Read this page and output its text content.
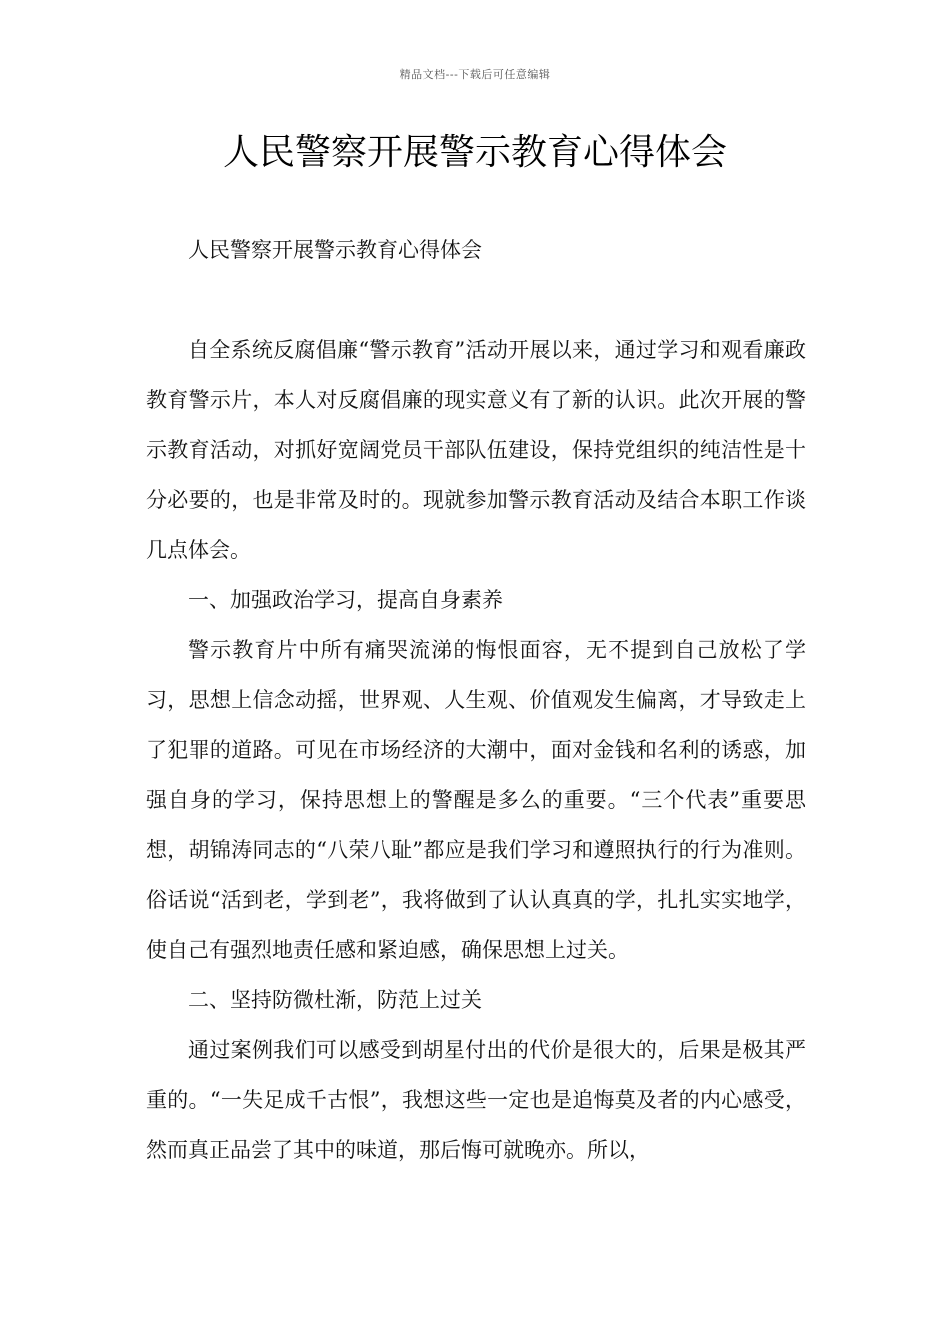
精品文档---下载后可任意编辑
人民警察开展警示教育心得体会

人民警察开展警示教育心得体会

自全系统反腐倡廉“警示教育”活动开展以来，通过学习和观看廉政教育警示片，本人对反腐倡廉的现实意义有了新的认识。此次开展的警示教育活动，对抓好宽阔党员干部队伍建设，保持党组织的纯洁性是十分必要的，也是非常及时的。现就参加警示教育活动及结合本职工作谈几点体会。

一、加强政治学习，提高自身素养

警示教育片中所有痛哭流涕的悔恨面容，无不提到自己放松了学习，思想上信念动摇，世界观、人生观、价值观发生偏离，才导致走上了犯罪的道路。可见在市场经济的大潮中，面对金钱和名利的诱惑，加强自身的学习，保持思想上的警醒是多么的重要。“三个代表”重要思想，胡锦涛同志的“八荣八耻”都应是我们学习和遵照执行的行为准则。俗话说“活到老，学到老”，我将做到了认认真真的学，扎扎实实地学，使自己有强烈地责任感和紧迫感，确保思想上过关。

二、坚持防微杜渐，防范上过关

通过案例我们可以感受到胡星付出的代价是很大的，后果是极其严重的。“一失足成千古恨”，我想这些一定也是追悔莫及者的内心感受，然而真正品尝了其中的味道，那后悔可就晚亦。所以，
